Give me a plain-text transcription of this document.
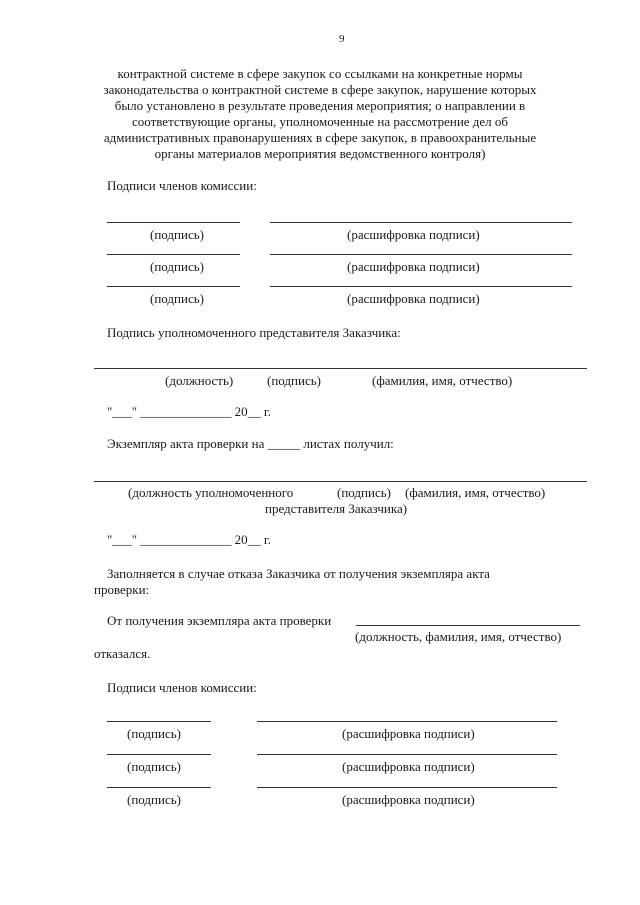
9
контрактной системе в сфере закупок со ссылками на конкретные нормы
законодательства о контрактной системе в сфере закупок, нарушение которых
было установлено в результате проведения мероприятия; о направлении в
соответствующие органы, уполномоченные на рассмотрение дел об
административных правонарушениях в сфере закупок, в правоохранительные
органы материалов мероприятия ведомственного контроля)
Подписи членов комиссии:
(подпись)	(расшифровка подписи)
(подпись)	(расшифровка подписи)
(подпись)	(расшифровка подписи)
Подпись уполномоченного представителя Заказчика:
(должность)	(подпись)	(фамилия, имя, отчество)
"___" ______________ 20__ г.
Экземпляр акта проверки на _____ листах получил:
(должность уполномоченного	(подпись) (фамилия, имя, отчество)
представителя Заказчика)
"___" ______________ 20__ г.
Заполняется в случае отказа Заказчика от получения экземпляра акта
проверки:
От получения экземпляра акта проверки
(должность, фамилия, имя, отчество)
отказался.
Подписи членов комиссии:
(подпись)	(расшифровка подписи)
(подпись)	(расшифровка подписи)
(подпись)	(расшифровка подписи)
